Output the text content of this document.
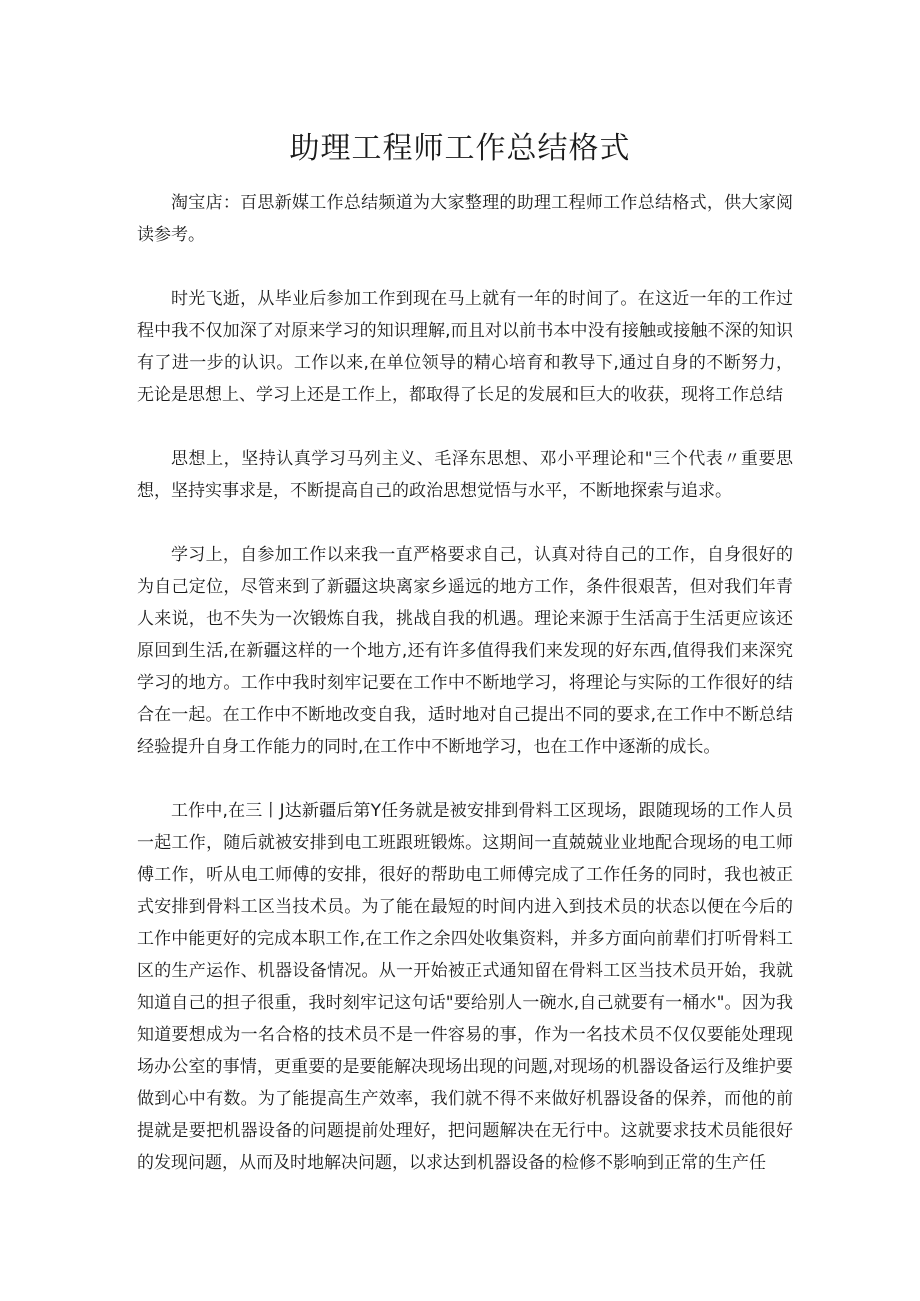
助理工程师工作总结格式

淘宝店：百思新媒工作总结频道为大家整理的助理工程师工作总结格式，供大家阅读参考。

时光飞逝，从毕业后参加工作到现在马上就有一年的时间了。在这近一年的工作过程中我不仅加深了对原来学习的知识理解,而且对以前书本中没有接触或接触不深的知识有了进一步的认识。工作以来,在单位领导的精心培育和教导下,通过自身的不断努力，无论是思想上、学习上还是工作上，都取得了长足的发展和巨大的收获，现将工作总结

思想上，坚持认真学习马列主义、毛泽东思想、邓小平理论和"三个代表〃重要思想，坚持实事求是，不断提高自己的政治思想觉悟与水平，不断地探索与追求。

学习上，自参加工作以来我一直严格要求自己，认真对待自己的工作，自身很好的为自己定位，尽管来到了新疆这块离家乡遥远的地方工作，条件很艰苦，但对我们年青人来说，也不失为一次锻炼自我，挑战自我的机遇。理论来源于生活高于生活更应该还原回到生活,在新疆这样的一个地方,还有许多值得我们来发现的好东西,值得我们来深究学习的地方。工作中我时刻牢记要在工作中不断地学习，将理论与实际的工作很好的结合在一起。在工作中不断地改变自我，适时地对自己提出不同的要求,在工作中不断总结经验提升自身工作能力的同时,在工作中不断地学习，也在工作中逐渐的成长。

工作中,在三丨J达新疆后第Y任务就是被安排到骨料工区现场，跟随现场的工作人员一起工作，随后就被安排到电工班跟班锻炼。这期间一直兢兢业业地配合现场的电工师傅工作，听从电工师傅的安排，很好的帮助电工师傅完成了工作任务的同时，我也被正式安排到骨料工区当技术员。为了能在最短的时间内进入到技术员的状态以便在今后的工作中能更好的完成本职工作,在工作之余四处收集资料，并多方面向前辈们打听骨料工区的生产运作、机器设备情况。从一开始被正式通知留在骨料工区当技术员开始，我就知道自己的担子很重，我时刻牢记这句话"要给别人一碗水,自己就要有一桶水"。因为我知道要想成为一名合格的技术员不是一件容易的事，作为一名技术员不仅仅要能处理现场办公室的事情，更重要的是要能解决现场出现的问题,对现场的机器设备运行及维护要做到心中有数。为了能提高生产效率，我们就不得不来做好机器设备的保养，而他的前提就是要把机器设备的问题提前处理好，把问题解决在无行中。这就要求技术员能很好的发现问题，从而及时地解决问题，以求达到机器设备的检修不影响到正常的生产任
